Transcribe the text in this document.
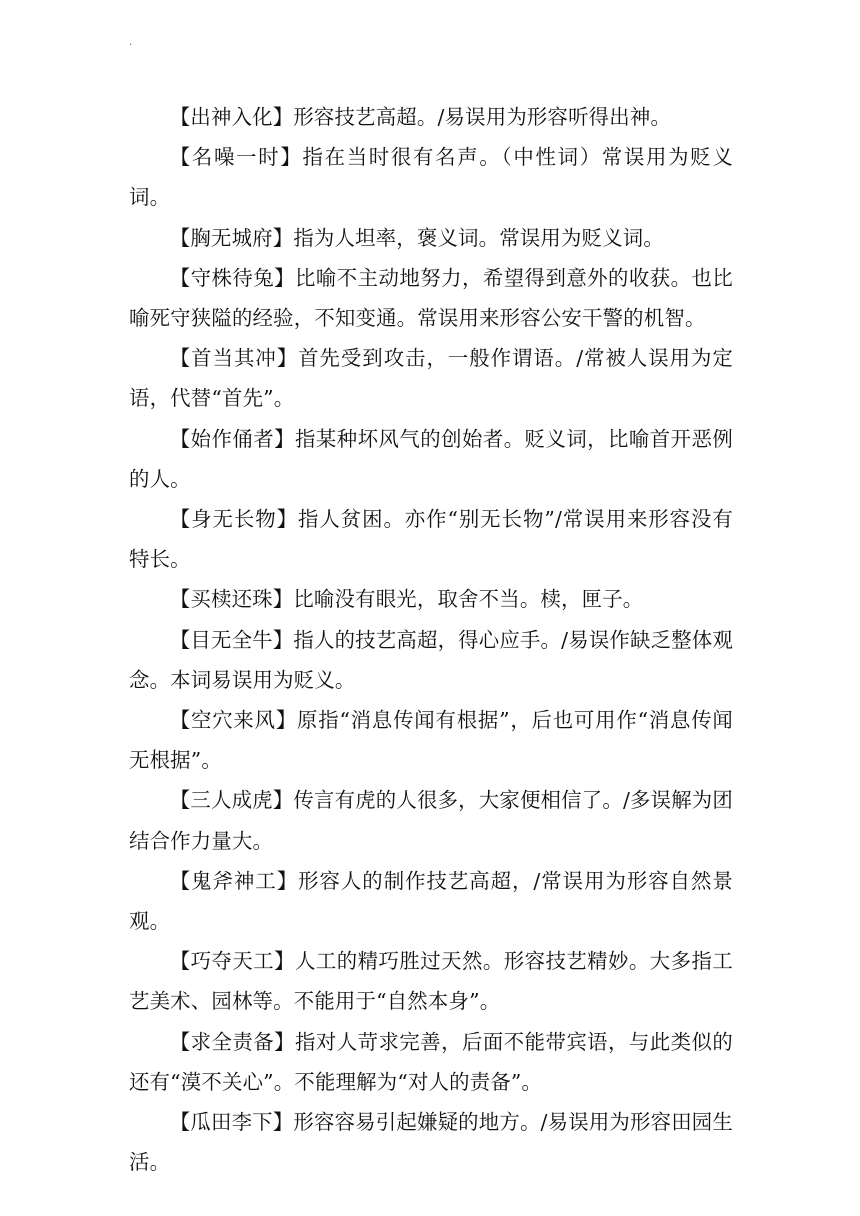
.

【出神入化】形容技艺高超。/易误用为形容听得出神。

【名噪一时】指在当时很有名声。（中性词）常误用为贬义词。

【胸无城府】指为人坦率，褒义词。常误用为贬义词。

【守株待兔】比喻不主动地努力，希望得到意外的收获。也比喻死守狭隘的经验，不知变通。常误用来形容公安干警的机智。

【首当其冲】首先受到攻击，一般作谓语。/常被人误用为定语，代替“首先”。

【始作俑者】指某种坏风气的创始者。贬义词，比喻首开恶例的人。

【身无长物】指人贫困。亦作“别无长物”/常误用来形容没有特长。

【买椟还珠】比喻没有眼光，取舍不当。椟，匣子。

【目无全牛】指人的技艺高超，得心应手。/易误作缺乏整体观念。本词易误用为贬义。

【空穴来风】原指“消息传闻有根据”，后也可用作“消息传闻无根据”。

【三人成虎】传言有虎的人很多，大家便相信了。/多误解为团结合作力量大。

【鬼斧神工】形容人的制作技艺高超，/常误用为形容自然景观。

【巧夺天工】人工的精巧胜过天然。形容技艺精妙。大多指工艺美术、园林等。不能用于“自然本身”。

【求全责备】指对人苛求完善，后面不能带宾语，与此类似的还有“漠不关心”。不能理解为“对人的责备”。

【瓜田李下】形容容易引起嫌疑的地方。/易误用为形容田园生活。
